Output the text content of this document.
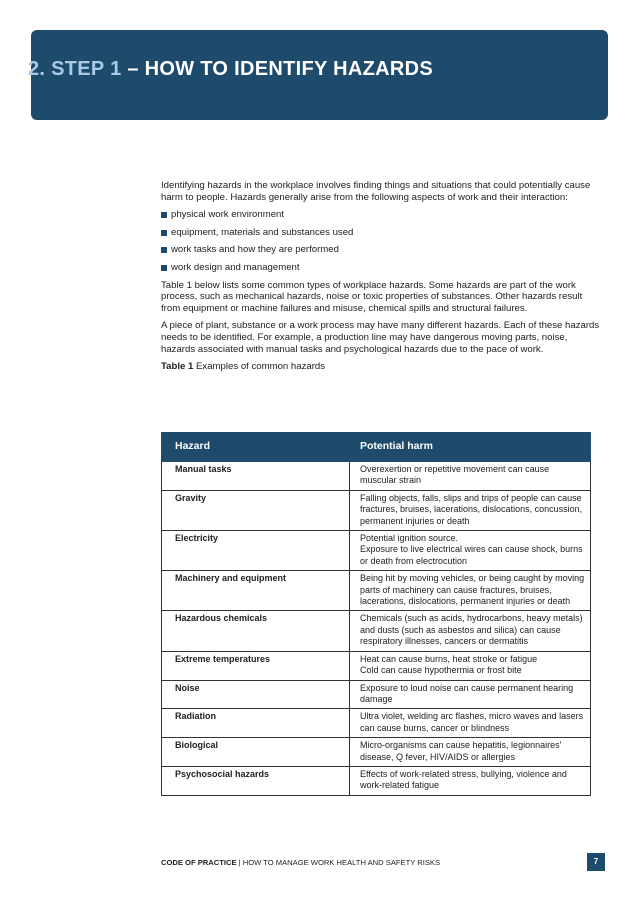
2. STEP 1 – HOW TO IDENTIFY HAZARDS

Identifying hazards in the workplace involves finding things and situations that could potentially cause harm to people. Hazards generally arise from the following aspects of work and their interaction:

physical work environment
equipment, materials and substances used
work tasks and how they are performed
work design and management

Table 1 below lists some common types of workplace hazards. Some hazards are part of the work process, such as mechanical hazards, noise or toxic properties of substances. Other hazards result from equipment or machine failures and misuse, chemical spills and structural failures.

A piece of plant, substance or a work process may have many different hazards. Each of these hazards needs to be identified. For example, a production line may have dangerous moving parts, noise, hazards associated with manual tasks and psychological hazards due to the pace of work.

Table 1 Examples of common hazards

Hazard	Potential harm
Manual tasks	Overexertion or repetitive movement can cause muscular strain
Gravity	Falling objects, falls, slips and trips of people can cause fractures, bruises, lacerations, dislocations, concussion, permanent injuries or death
Electricity	Potential ignition source.
Exposure to live electrical wires can cause shock, burns or death from electrocution
Machinery and equipment	Being hit by moving vehicles, or being caught by moving parts of machinery can cause fractures, bruises, lacerations, dislocations, permanent injuries or death
Hazardous chemicals	Chemicals (such as acids, hydrocarbons, heavy metals) and dusts (such as asbestos and silica) can cause respiratory illnesses, cancers or dermatitis
Extreme temperatures	Heat can cause burns, heat stroke or fatigue
Cold can cause hypothermia or frost bite
Noise	Exposure to loud noise can cause permanent hearing damage
Radiation	Ultra violet, welding arc flashes, micro waves and lasers can cause burns, cancer or blindness
Biological	Micro-organisms can cause hepatitis, legionnaires' disease, Q fever, HIV/AIDS or allergies
Psychosocial hazards	Effects of work-related stress, bullying, violence and work-related fatigue
CODE OF PRACTICE | HOW TO MANAGE WORK HEALTH AND SAFETY RISKS	7
